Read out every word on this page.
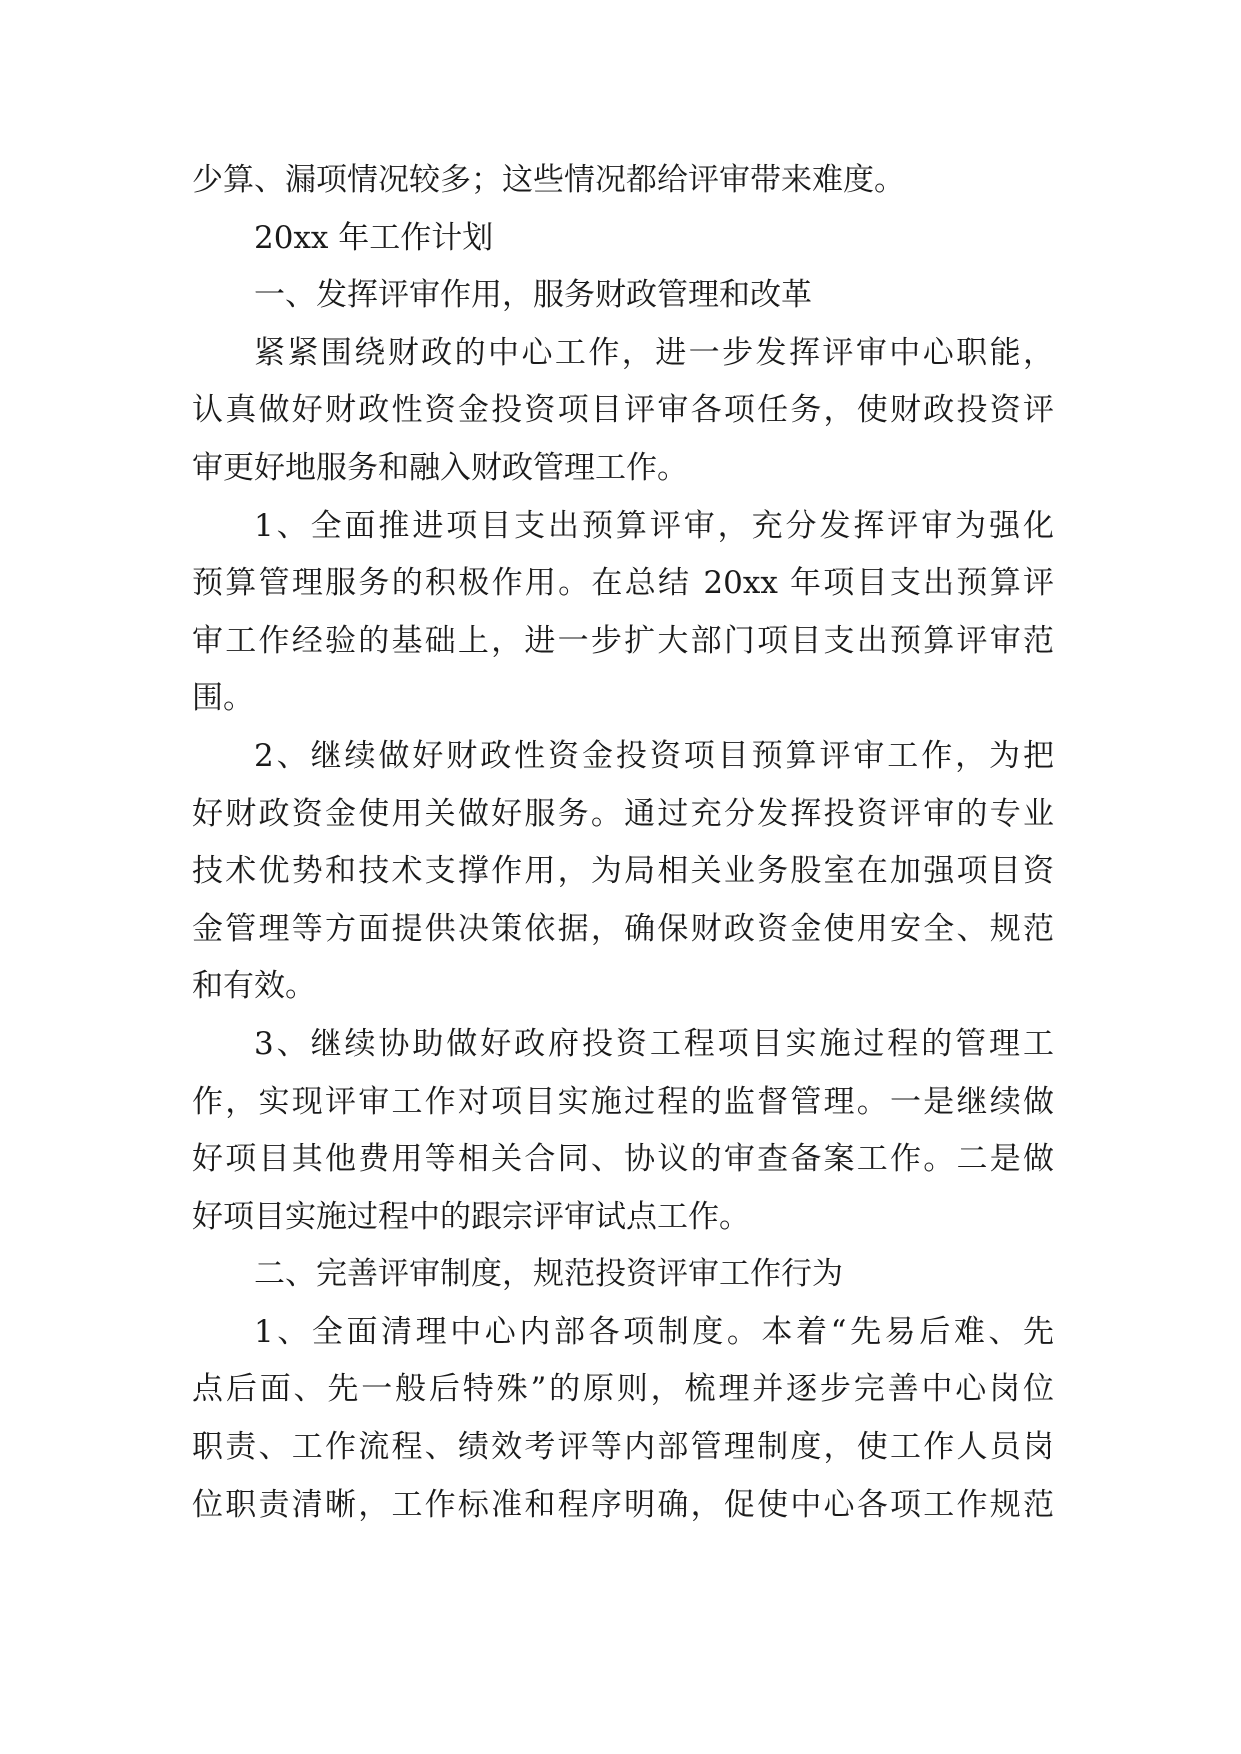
少算、漏项情况较多；这些情况都给评审带来难度。
20xx 年工作计划
一、发挥评审作用，服务财政管理和改革
紧紧围绕财政的中心工作，进一步发挥评审中心职能，
认真做好财政性资金投资项目评审各项任务，使财政投资评
审更好地服务和融入财政管理工作。
1、全面推进项目支出预算评审，充分发挥评审为强化
预算管理服务的积极作用。在总结 20xx 年项目支出预算评
审工作经验的基础上，进一步扩大部门项目支出预算评审范
围。
2、继续做好财政性资金投资项目预算评审工作，为把
好财政资金使用关做好服务。通过充分发挥投资评审的专业
技术优势和技术支撑作用，为局相关业务股室在加强项目资
金管理等方面提供决策依据，确保财政资金使用安全、规范
和有效。
3、继续协助做好政府投资工程项目实施过程的管理工
作，实现评审工作对项目实施过程的监督管理。一是继续做
好项目其他费用等相关合同、协议的审查备案工作。二是做
好项目实施过程中的跟宗评审试点工作。
二、完善评审制度，规范投资评审工作行为
1、全面清理中心内部各项制度。本着“先易后难、先
点后面、先一般后特殊”的原则，梳理并逐步完善中心岗位
职责、工作流程、绩效考评等内部管理制度，使工作人员岗
位职责清晰，工作标准和程序明确，促使中心各项工作规范
